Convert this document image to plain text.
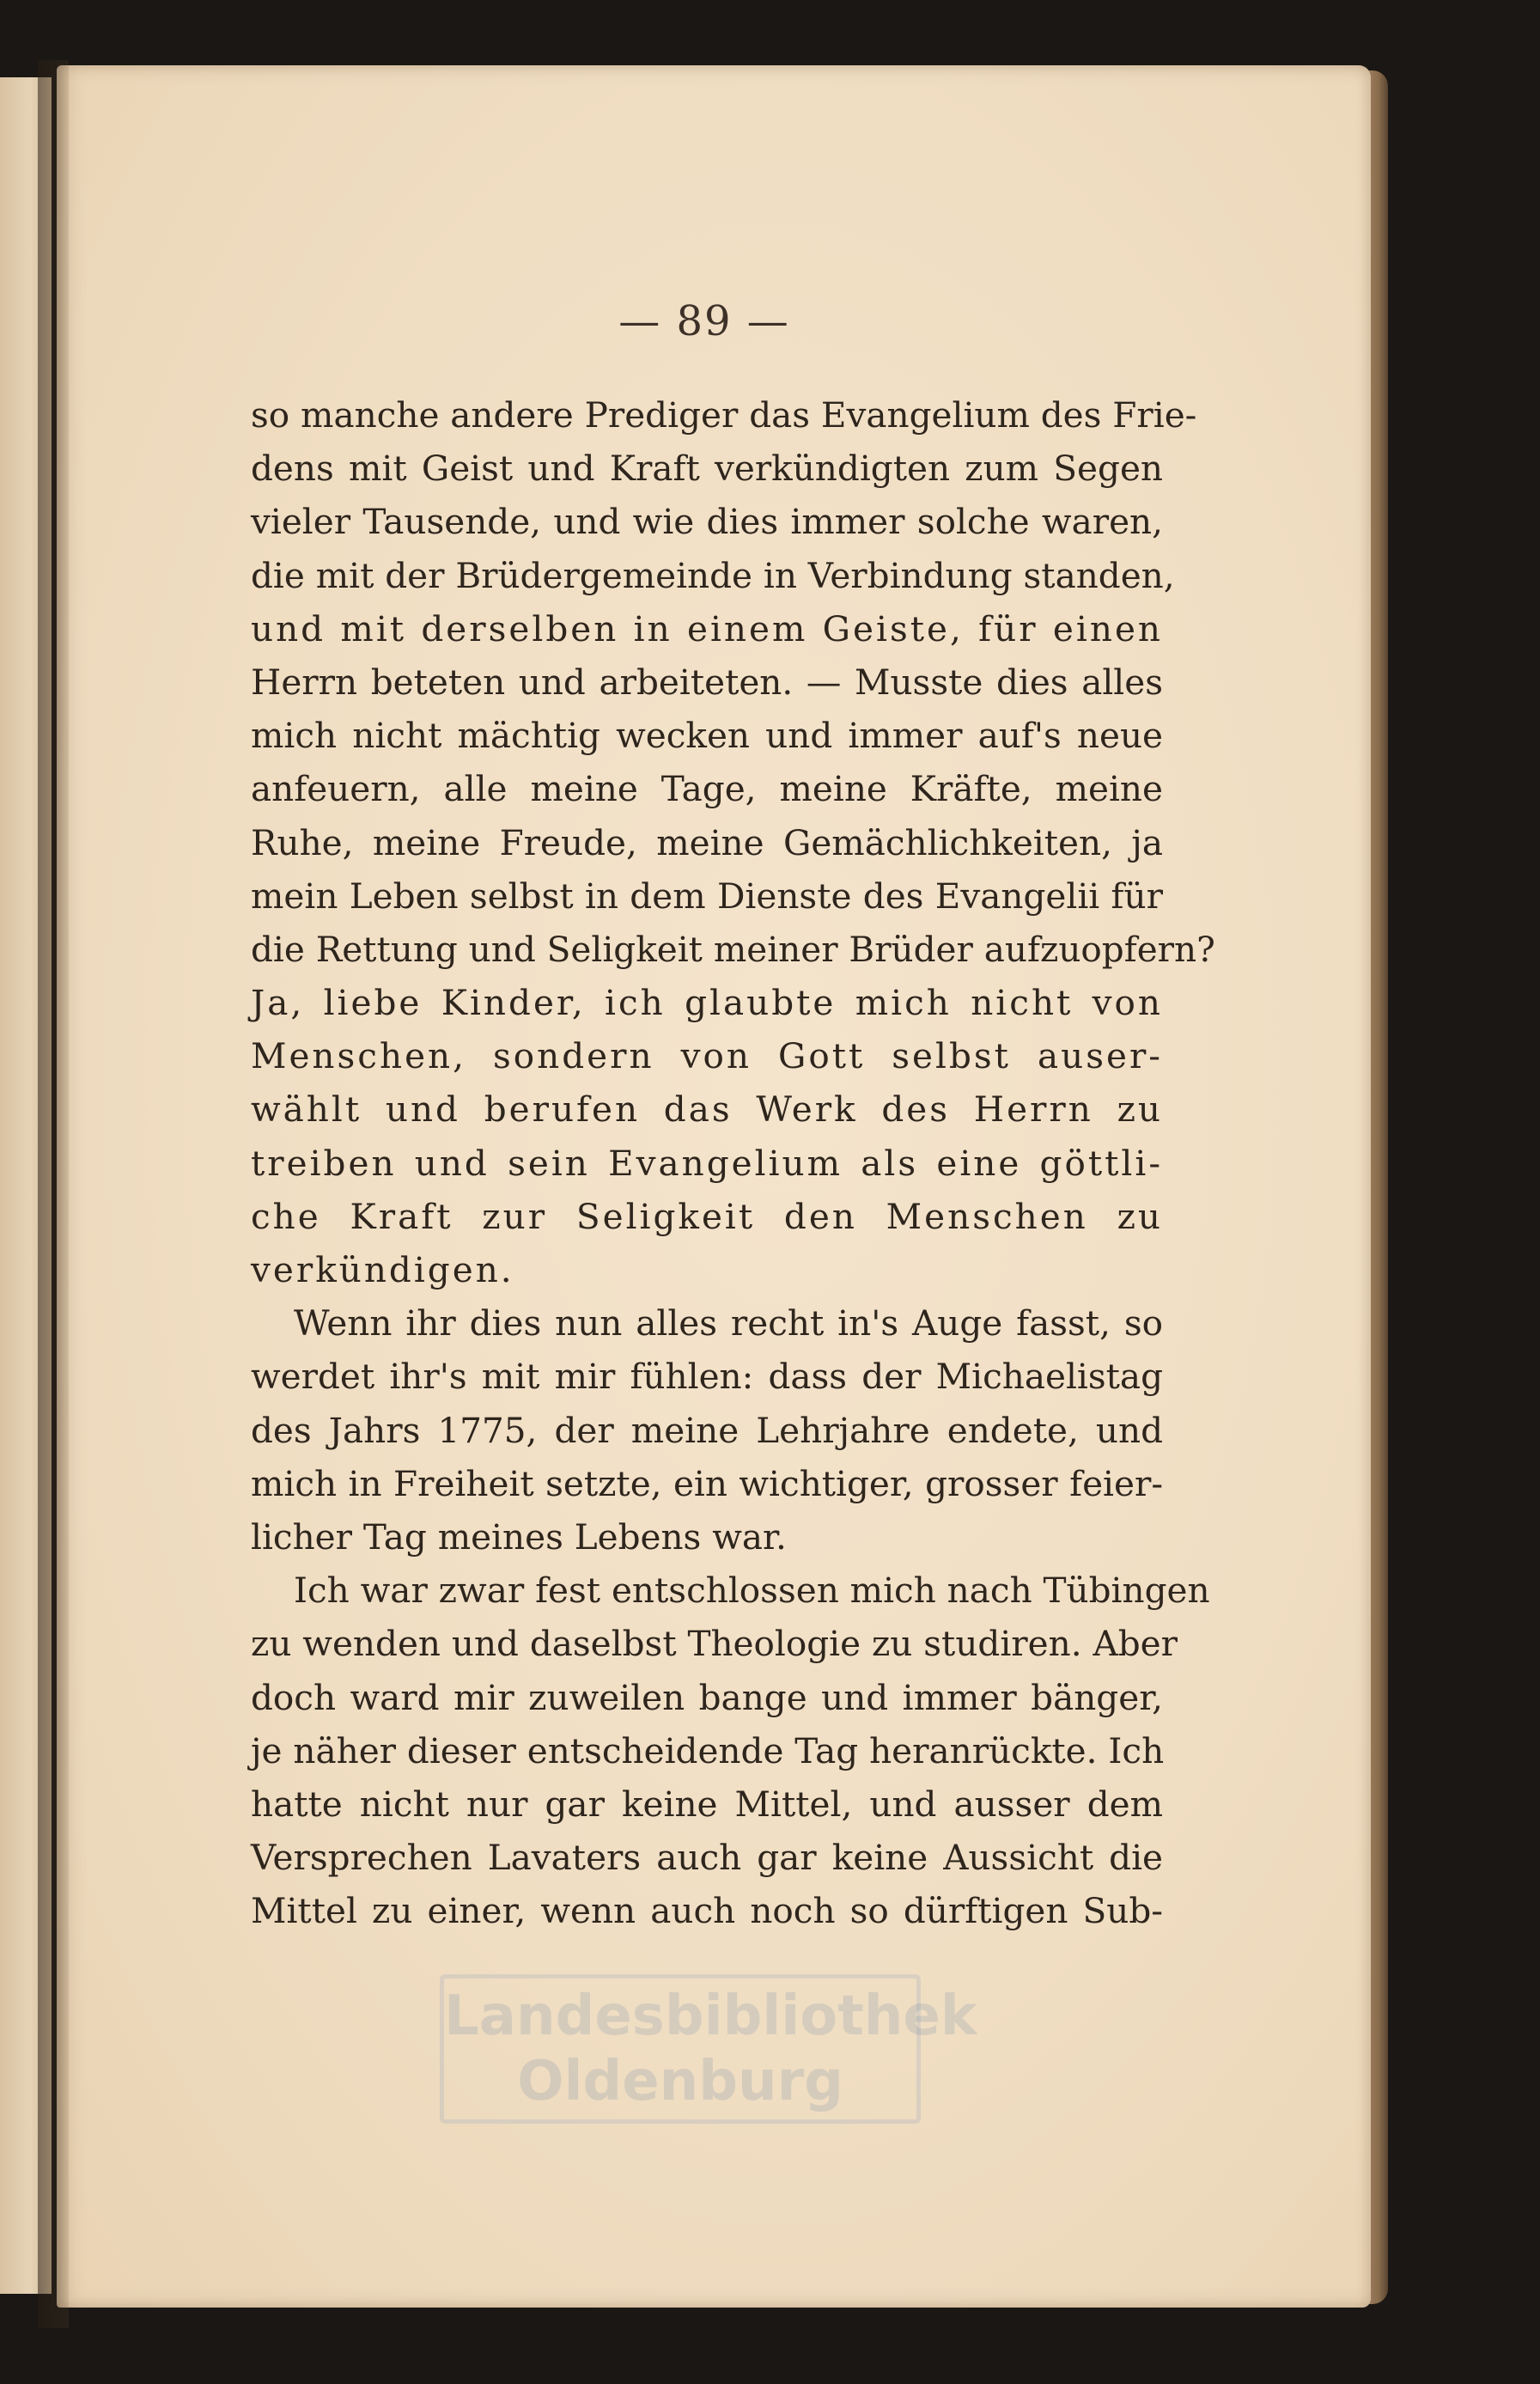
Landesbibliothek
Oldenburg
— 89 —
so manche andere Prediger das Evangelium des Frie-
dens mit Geist und Kraft verkündigten zum Segen
vieler Tausende, und wie dies immer solche waren,
die mit der Brüdergemeinde in Verbindung standen,
und mit derselben in einem Geiste, für einen
Herrn beteten und arbeiteten. — Musste dies alles
mich nicht mächtig wecken und immer auf's neue
anfeuern, alle meine Tage, meine Kräfte, meine
Ruhe, meine Freude, meine Gemächlichkeiten, ja
mein Leben selbst in dem Dienste des Evangelii für
die Rettung und Seligkeit meiner Brüder aufzuopfern?
Ja, liebe Kinder, ich glaubte mich nicht von
Menschen, sondern von Gott selbst auser-
wählt und berufen das Werk des Herrn zu
treiben und sein Evangelium als eine göttli-
che Kraft zur Seligkeit den Menschen zu
verkündigen.
Wenn ihr dies nun alles recht in's Auge fasst, so
werdet ihr's mit mir fühlen: dass der Michaelistag
des Jahrs 1775, der meine Lehrjahre endete, und
mich in Freiheit setzte, ein wichtiger, grosser feier-
licher Tag meines Lebens war.
Ich war zwar fest entschlossen mich nach Tübingen
zu wenden und daselbst Theologie zu studiren. Aber
doch ward mir zuweilen bange und immer bänger,
je näher dieser entscheidende Tag heranrückte. Ich
hatte nicht nur gar keine Mittel, und ausser dem
Versprechen Lavaters auch gar keine Aussicht die
Mittel zu einer, wenn auch noch so dürftigen Sub-
